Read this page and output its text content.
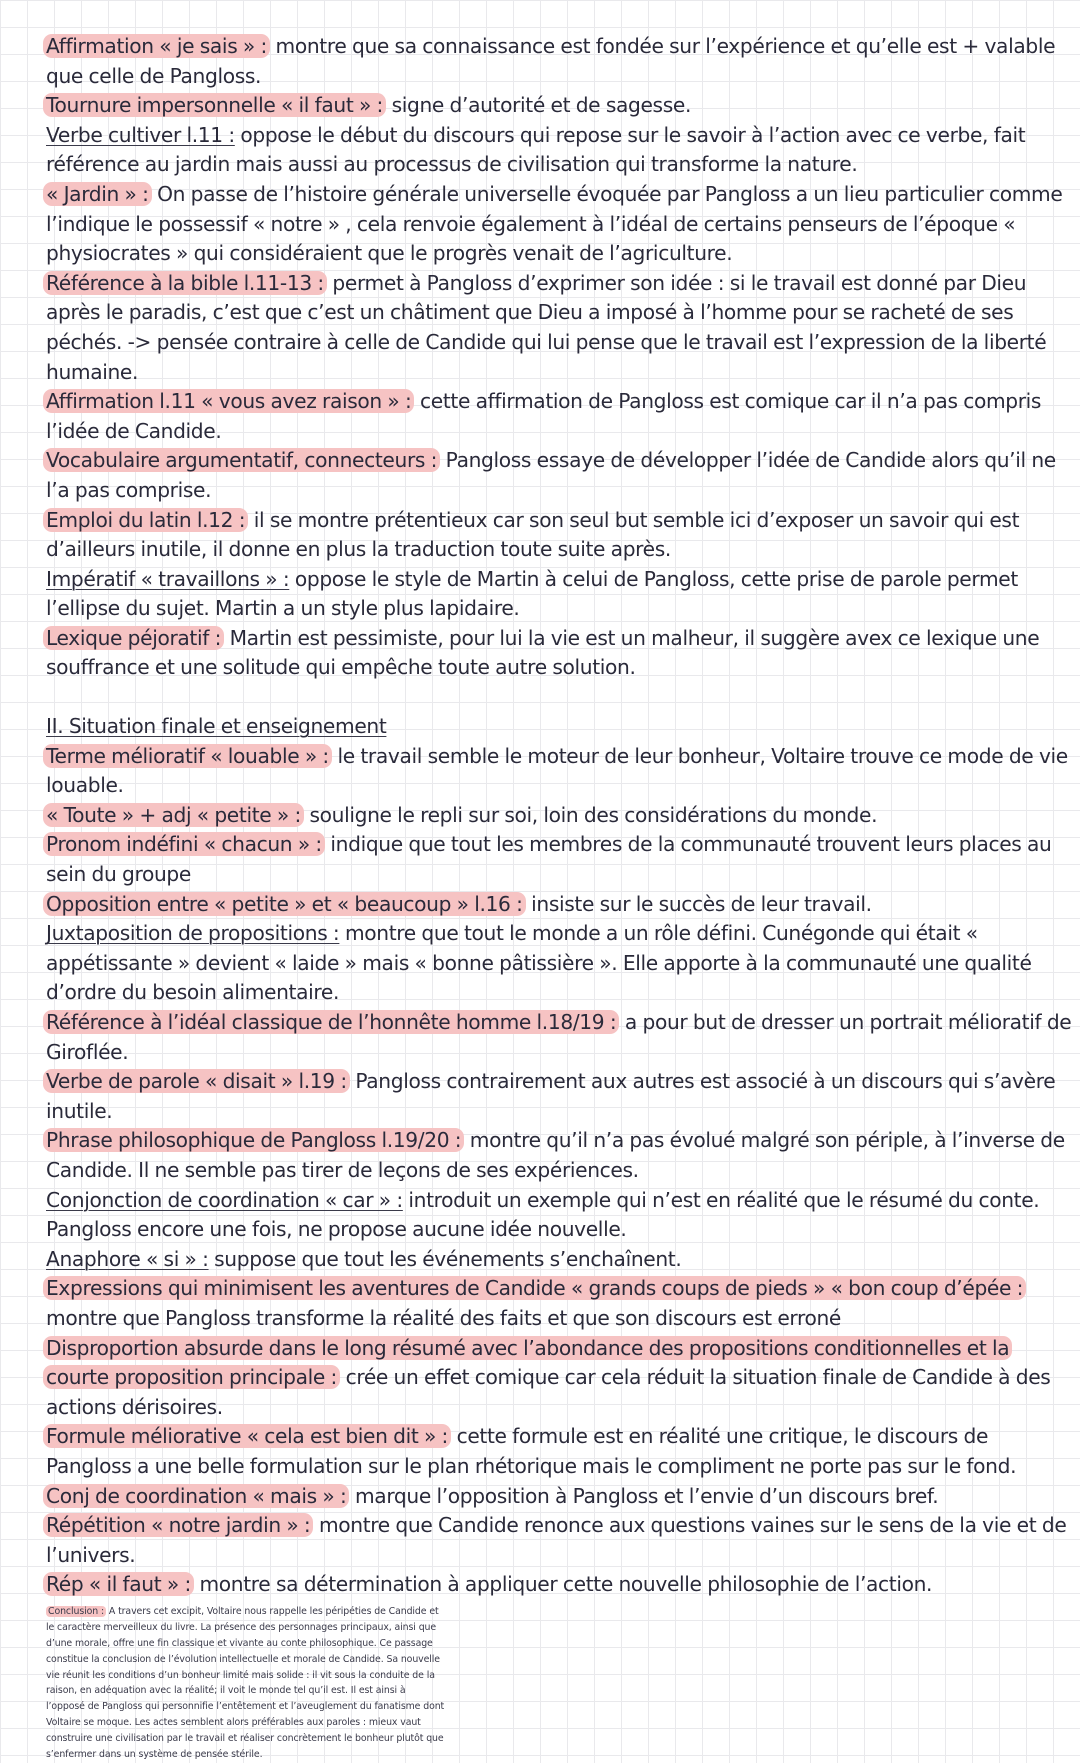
Affirmation « je sais » : montre que sa connaissance est fondée sur l’expérience et qu’elle est + valable que celle de Pangloss.
Tournure impersonnelle « il faut » : signe d’autorité et de sagesse.
Verbe cultiver l.11 : oppose le début du discours qui repose sur le savoir à l’action avec ce verbe, fait référence au jardin mais aussi au processus de civilisation qui transforme la nature.
« Jardin » : On passe de l’histoire générale universelle évoquée par Pangloss a un lieu particulier comme l’indique le possessif « notre » , cela renvoie également à l’idéal de certains penseurs de l’époque « physiocrates » qui considéraient que le progrès venait de l’agriculture.
Référence à la bible l.11-13 : permet à Pangloss d’exprimer son idée : si le travail est donné par Dieu après le paradis, c’est que c’est un châtiment que Dieu a imposé à l’homme pour se racheté de ses péchés. -> pensée contraire à celle de Candide qui lui pense que le travail est l’expression de la liberté humaine.
Affirmation l.11 « vous avez raison » : cette affirmation de Pangloss est comique car il n’a pas compris l’idée de Candide.
Vocabulaire argumentatif, connecteurs : Pangloss essaye de développer l’idée de Candide alors qu’il ne l’a pas comprise.
Emploi du latin l.12 : il se montre prétentieux car son seul but semble ici d’exposer un savoir qui est d’ailleurs inutile, il donne en plus la traduction toute suite après.
Impératif « travaillons » : oppose le style de Martin à celui de Pangloss, cette prise de parole permet l’ellipse du sujet. Martin a un style plus lapidaire.
Lexique péjoratif : Martin est pessimiste, pour lui la vie est un malheur, il suggère avex ce lexique une souffrance et une solitude qui empêche toute autre solution.
II. Situation finale et enseignement
Terme mélioratif « louable » : le travail semble le moteur de leur bonheur, Voltaire trouve ce mode de vie louable.
« Toute » + adj « petite » : souligne le repli sur soi, loin des considérations du monde.
Pronom indéfini « chacun » : indique que tout les membres de la communauté trouvent leurs places au sein du groupe
Opposition entre « petite » et « beaucoup » l.16 : insiste sur le succès de leur travail.
Juxtaposition de propositions : montre que tout le monde a un rôle défini. Cunégonde qui était « appétissante » devient « laide » mais « bonne pâtissière ». Elle apporte à la communauté une qualité d’ordre du besoin alimentaire.
Référence à l’idéal classique de l’honnête homme l.18/19 : a pour but de dresser un portrait mélioratif de Giroflée.
Verbe de parole « disait » l.19 : Pangloss contrairement aux autres est associé à un discours qui s’avère inutile.
Phrase philosophique de Pangloss l.19/20 : montre qu’il n’a pas évolué malgré son périple, à l’inverse de Candide. Il ne semble pas tirer de leçons de ses expériences.
Conjonction de coordination « car » : introduit un exemple qui n’est en réalité que le résumé du conte. Pangloss encore une fois, ne propose aucune idée nouvelle.
Anaphore « si » : suppose que tout les événements s’enchaînent.
Expressions qui minimisent les aventures de Candide « grands coups de pieds » « bon coup d’épée : montre que Pangloss transforme la réalité des faits et que son discours est erroné
Disproportion absurde dans le long résumé avec l’abondance des propositions conditionnelles et la courte proposition principale : crée un effet comique car cela réduit la situation finale de Candide à des actions dérisoires.
Formule méliorative « cela est bien dit » : cette formule est en réalité une critique, le discours de Pangloss a une belle formulation sur le plan rhétorique mais le compliment ne porte pas sur le fond.
Conj de coordination « mais » : marque l’opposition à Pangloss et l’envie d’un discours bref.
Répétition « notre jardin » : montre que Candide renonce aux questions vaines sur le sens de la vie et de l’univers.
Rép « il faut » : montre sa détermination à appliquer cette nouvelle philosophie de l’action.
Conclusion : A travers cet excipit, Voltaire nous rappelle les péripéties de Candide et le caractère merveilleux du livre. La présence des personnages principaux, ainsi que d’une morale, offre une fin classique et vivante au conte philosophique. Ce passage constitue la conclusion de l’évolution intellectuelle et morale de Candide. Sa nouvelle vie réunit les conditions d’un bonheur limité mais solide : il vit sous la conduite de la raison, en adéquation avec la réalité; il voit le monde tel qu’il est. Il est ainsi à l’opposé de Pangloss qui personnifie l’entêtement et l’aveuglement du fanatisme dont Voltaire se moque. Les actes semblent alors préférables aux paroles : mieux vaut construire une civilisation par le travail et réaliser concrètement le bonheur plutôt que s’enfermer dans un système de pensée stérile.
